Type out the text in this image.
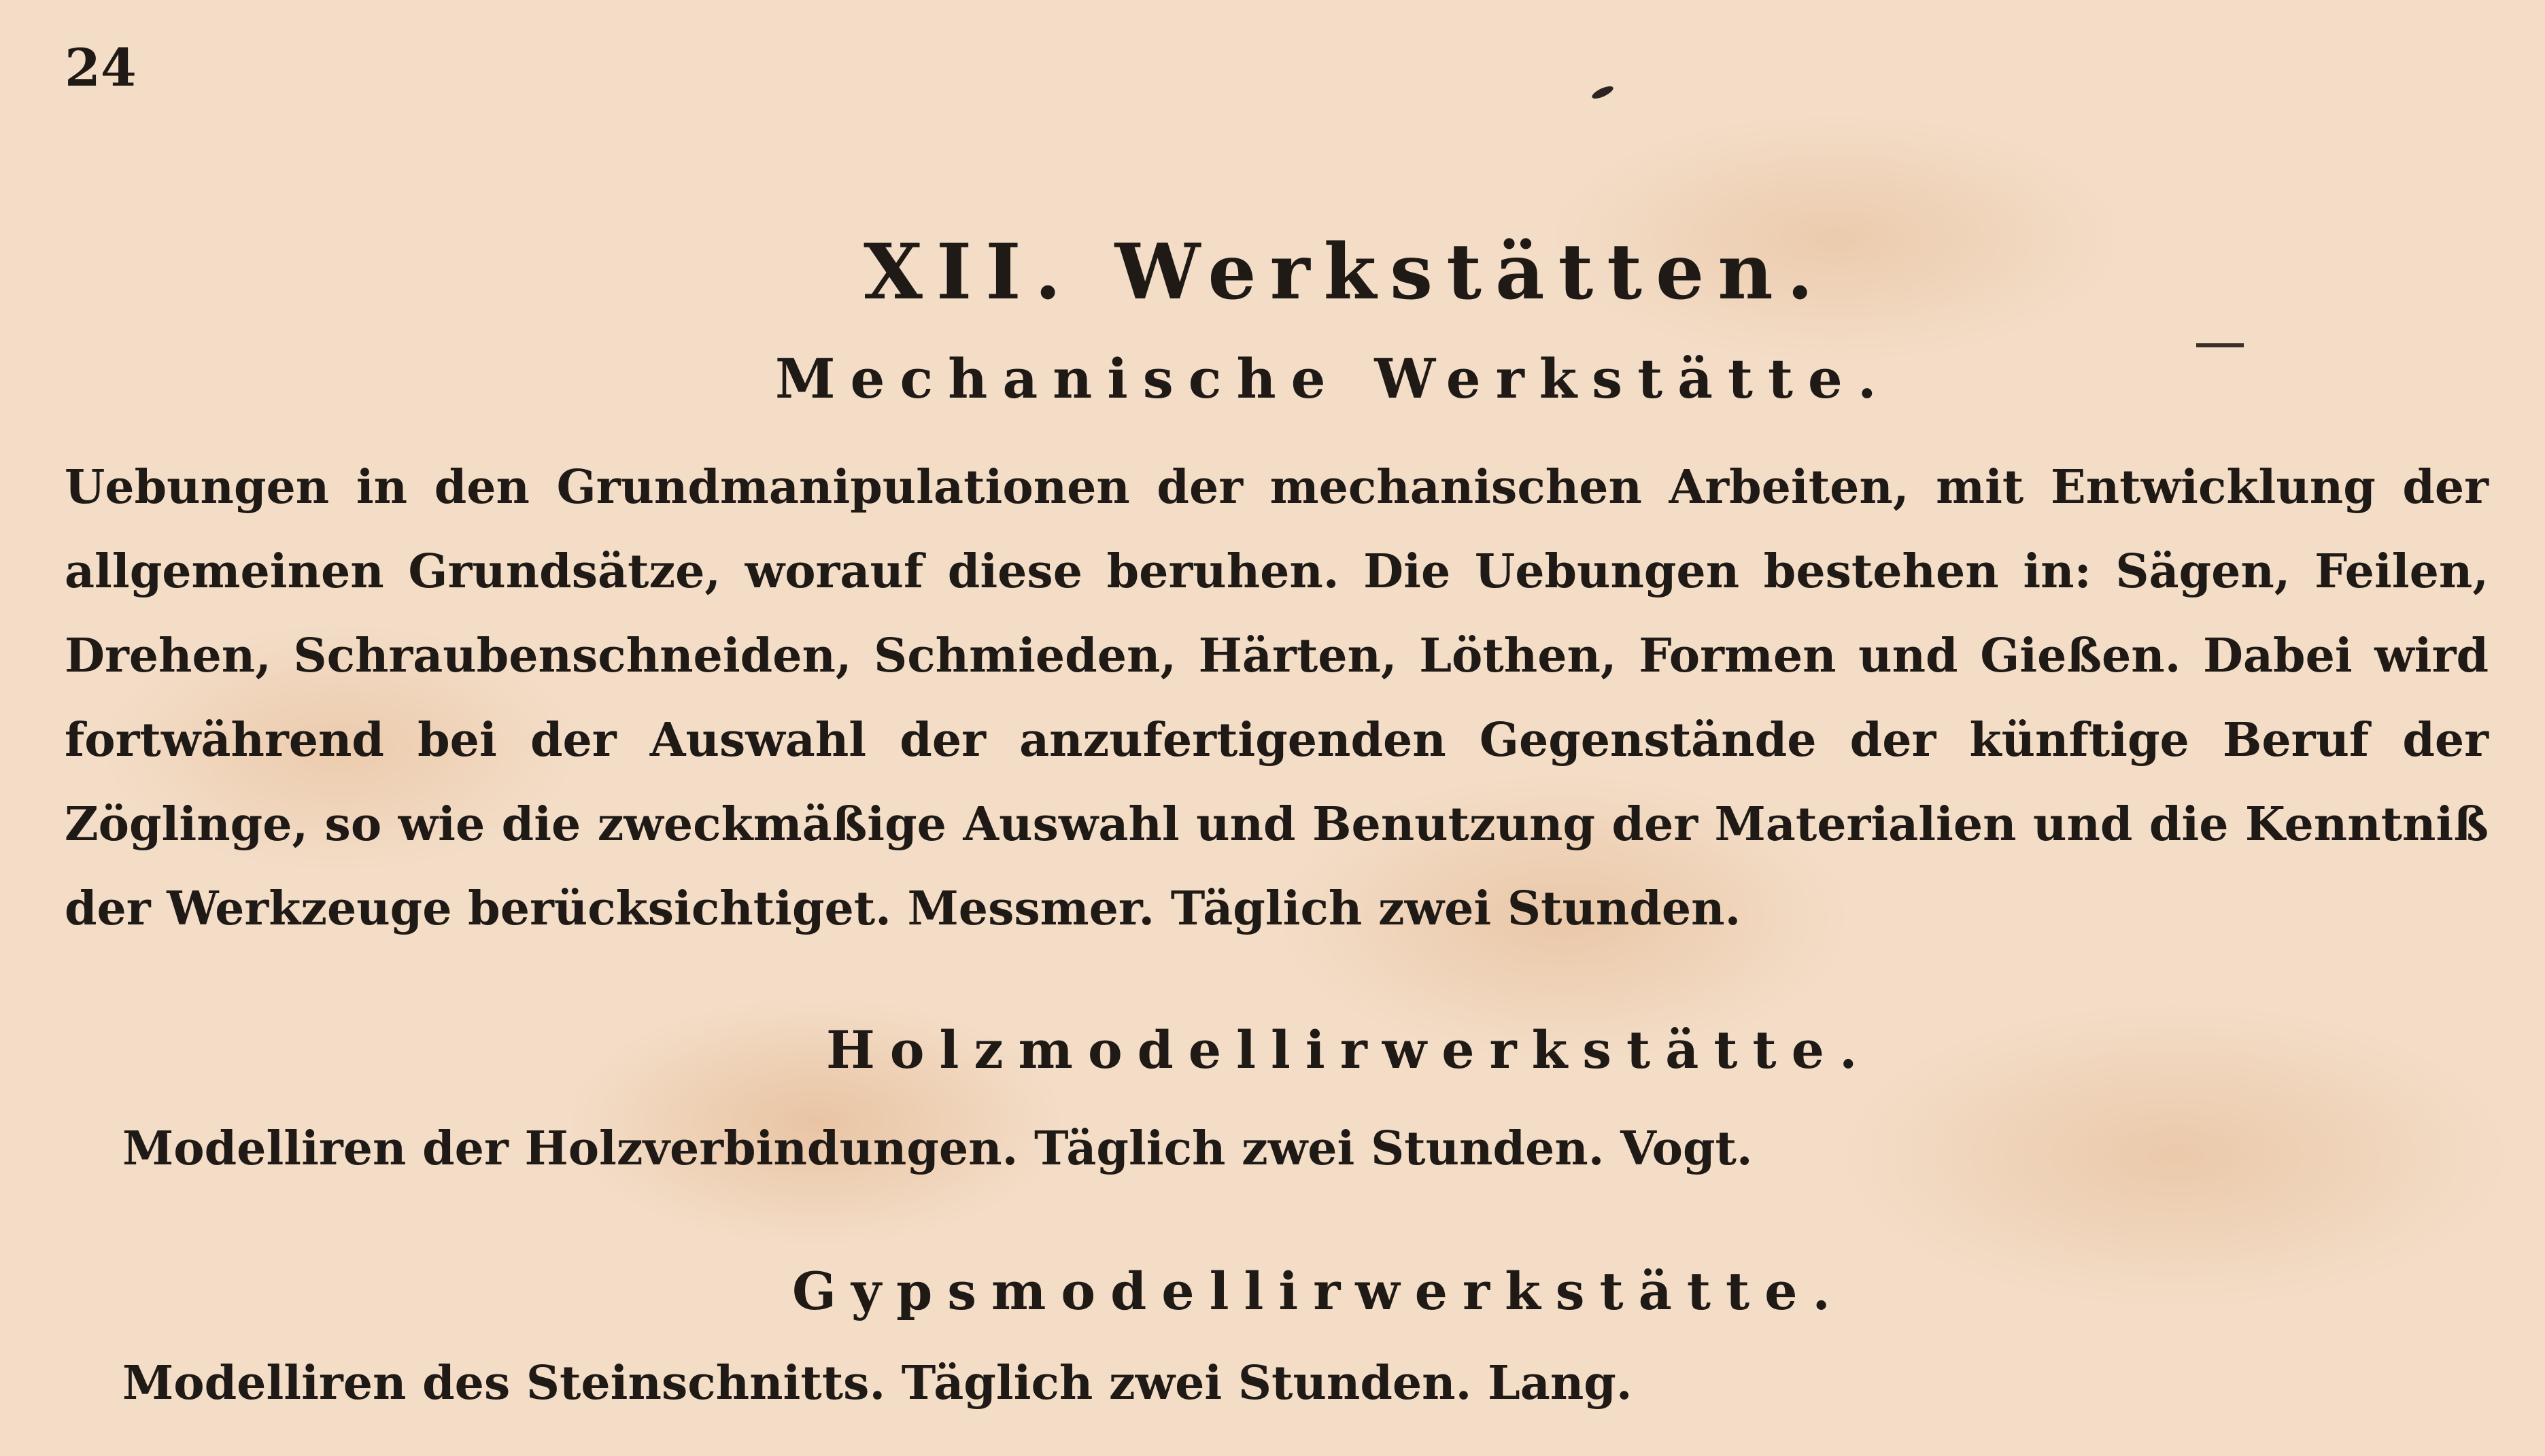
24
XII. Werkstätten.
Mechanische Werkstätte.
Uebungen in den Grundmanipulationen der mechanischen Arbeiten, mit Entwicklung der allgemeinen Grundsätze, worauf diese beruhen. Die Uebungen bestehen in: Sägen, Feilen, Drehen, Schraubenschneiden, Schmieden, Härten, Löthen, Formen und Gießen. Dabei wird fortwährend bei der Auswahl der anzufertigenden Gegenstände der künftige Beruf der Zöglinge, so wie die zweckmäßige Auswahl und Benutzung der Materialien und die Kenntniß der Werkzeuge berücksichtiget. Messmer. Täglich zwei Stunden.
Holzmodellirwerkstätte.
Modelliren der Holzverbindungen. Täglich zwei Stunden. Vogt.
Gypsmodellirwerkstätte.
Modelliren des Steinschnitts. Täglich zwei Stunden. Lang.
